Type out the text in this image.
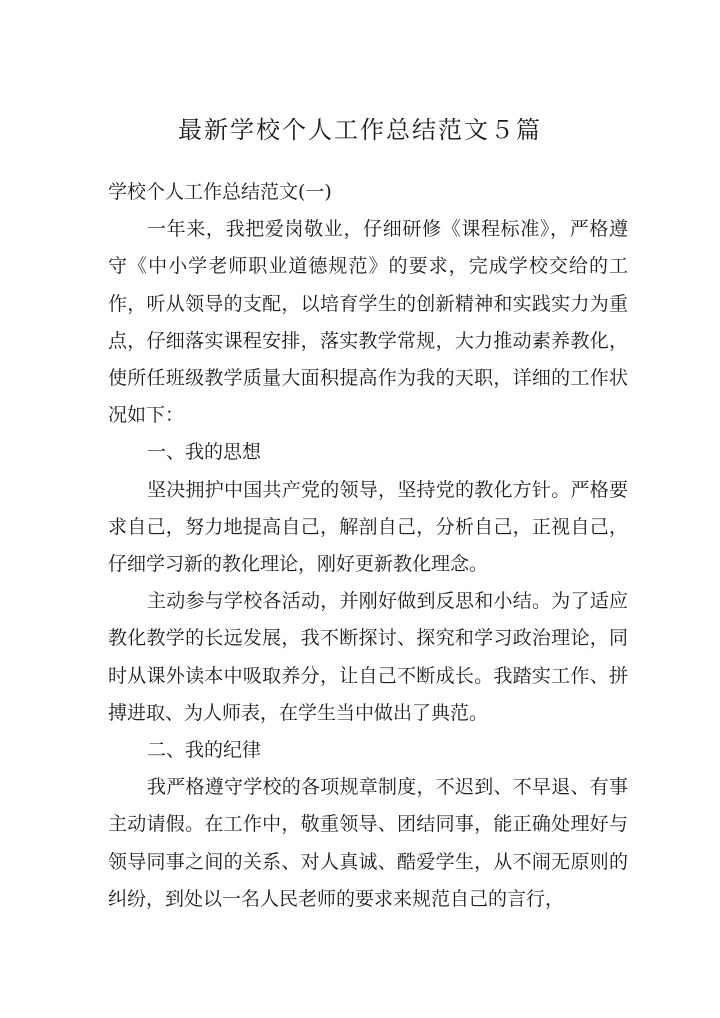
最新学校个人工作总结范文５篇

学校个人工作总结范文(一)

一年来，我把爱岗敬业，仔细研修《课程标准》，严格遵守《中小学老师职业道德规范》的要求，完成学校交给的工作，听从领导的支配，以培育学生的创新精神和实践实力为重点，仔细落实课程安排，落实教学常规，大力推动素养教化，使所任班级教学质量大面积提高作为我的天职，详细的工作状况如下：

一、我的思想

坚决拥护中国共产党的领导，坚持党的教化方针。严格要求自己，努力地提高自己，解剖自己，分析自己，正视自己，仔细学习新的教化理论，刚好更新教化理念。

主动参与学校各活动，并刚好做到反思和小结。为了适应教化教学的长远发展，我不断探讨、探究和学习政治理论，同时从课外读本中吸取养分，让自己不断成长。我踏实工作、拼搏进取、为人师表，在学生当中做出了典范。

二、我的纪律

我严格遵守学校的各项规章制度，不迟到、不早退、有事主动请假。在工作中，敬重领导、团结同事，能正确处理好与领导同事之间的关系、对人真诚、酷爱学生，从不闹无原则的纠纷，到处以一名人民老师的要求来规范自己的言行，
